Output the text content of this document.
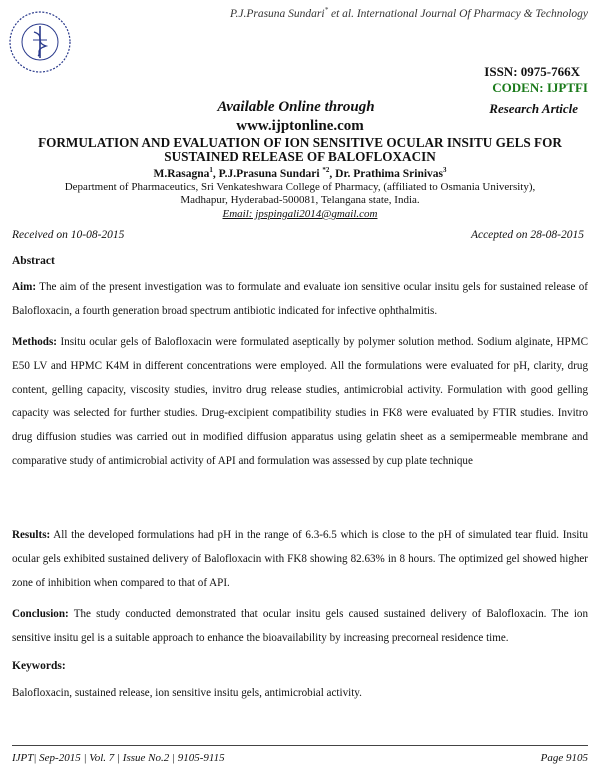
P.J.Prasuna Sundari* et al. International Journal Of Pharmacy & Technology
ISSN: 0975-766X
CODEN: IJPTFI
Available Online through	Research Article
www.ijptonline.com
FORMULATION AND EVALUATION OF ION SENSITIVE OCULAR INSITU GELS FOR
SUSTAINED RELEASE OF BALOFLOXACIN
M.Rasagna$^1$, P.J.Prasuna Sundari $^{*2}$, Dr. Prathima Srinivas$^3$
Department of Pharmaceutics, Sri Venkateshwara College of Pharmacy, (affiliated to Osmania University),
Madhapur, Hyderabad-500081, Telangana state, India.
Email: jpspingali2014@gmail.com
Received on 10-08-2015	Accepted on 28-08-2015
Abstract
Aim: The aim of the present investigation was to formulate and evaluate ion sensitive ocular insitu gels for sustained release of Balofloxacin, a fourth generation broad spectrum antibiotic indicated for infective ophthalmitis.
Methods: Insitu ocular gels of Balofloxacin were formulated aseptically by polymer solution method. Sodium alginate, HPMC E50 LV and HPMC K4M in different concentrations were employed. All the formulations were evaluated for pH, clarity, drug content, gelling capacity, viscosity studies, invitro drug release studies, antimicrobial activity. Formulation with good gelling capacity was selected for further studies. Drug-excipient compatibility studies in FK8 were evaluated by FTIR studies. Invitro drug diffusion studies was carried out in modified diffusion apparatus using gelatin sheet as a semipermeable membrane and comparative study of antimicrobial activity of API and formulation was assessed by cup plate technique
Results: All the developed formulations had pH in the range of 6.3-6.5 which is close to the pH of simulated tear fluid. Insitu ocular gels exhibited sustained delivery of Balofloxacin with FK8 showing 82.63% in 8 hours. The optimized gel showed higher zone of inhibition when compared to that of API.
Conclusion: The study conducted demonstrated that ocular insitu gels caused sustained delivery of Balofloxacin. The ion sensitive insitu gel is a suitable approach to enhance the bioavailability by increasing precorneal residence time.
Keywords:
Balofloxacin, sustained release, ion sensitive insitu gels, antimicrobial activity.
IJPT| Sep-2015 | Vol. 7 | Issue No.2 | 9105-9115	Page 9105
